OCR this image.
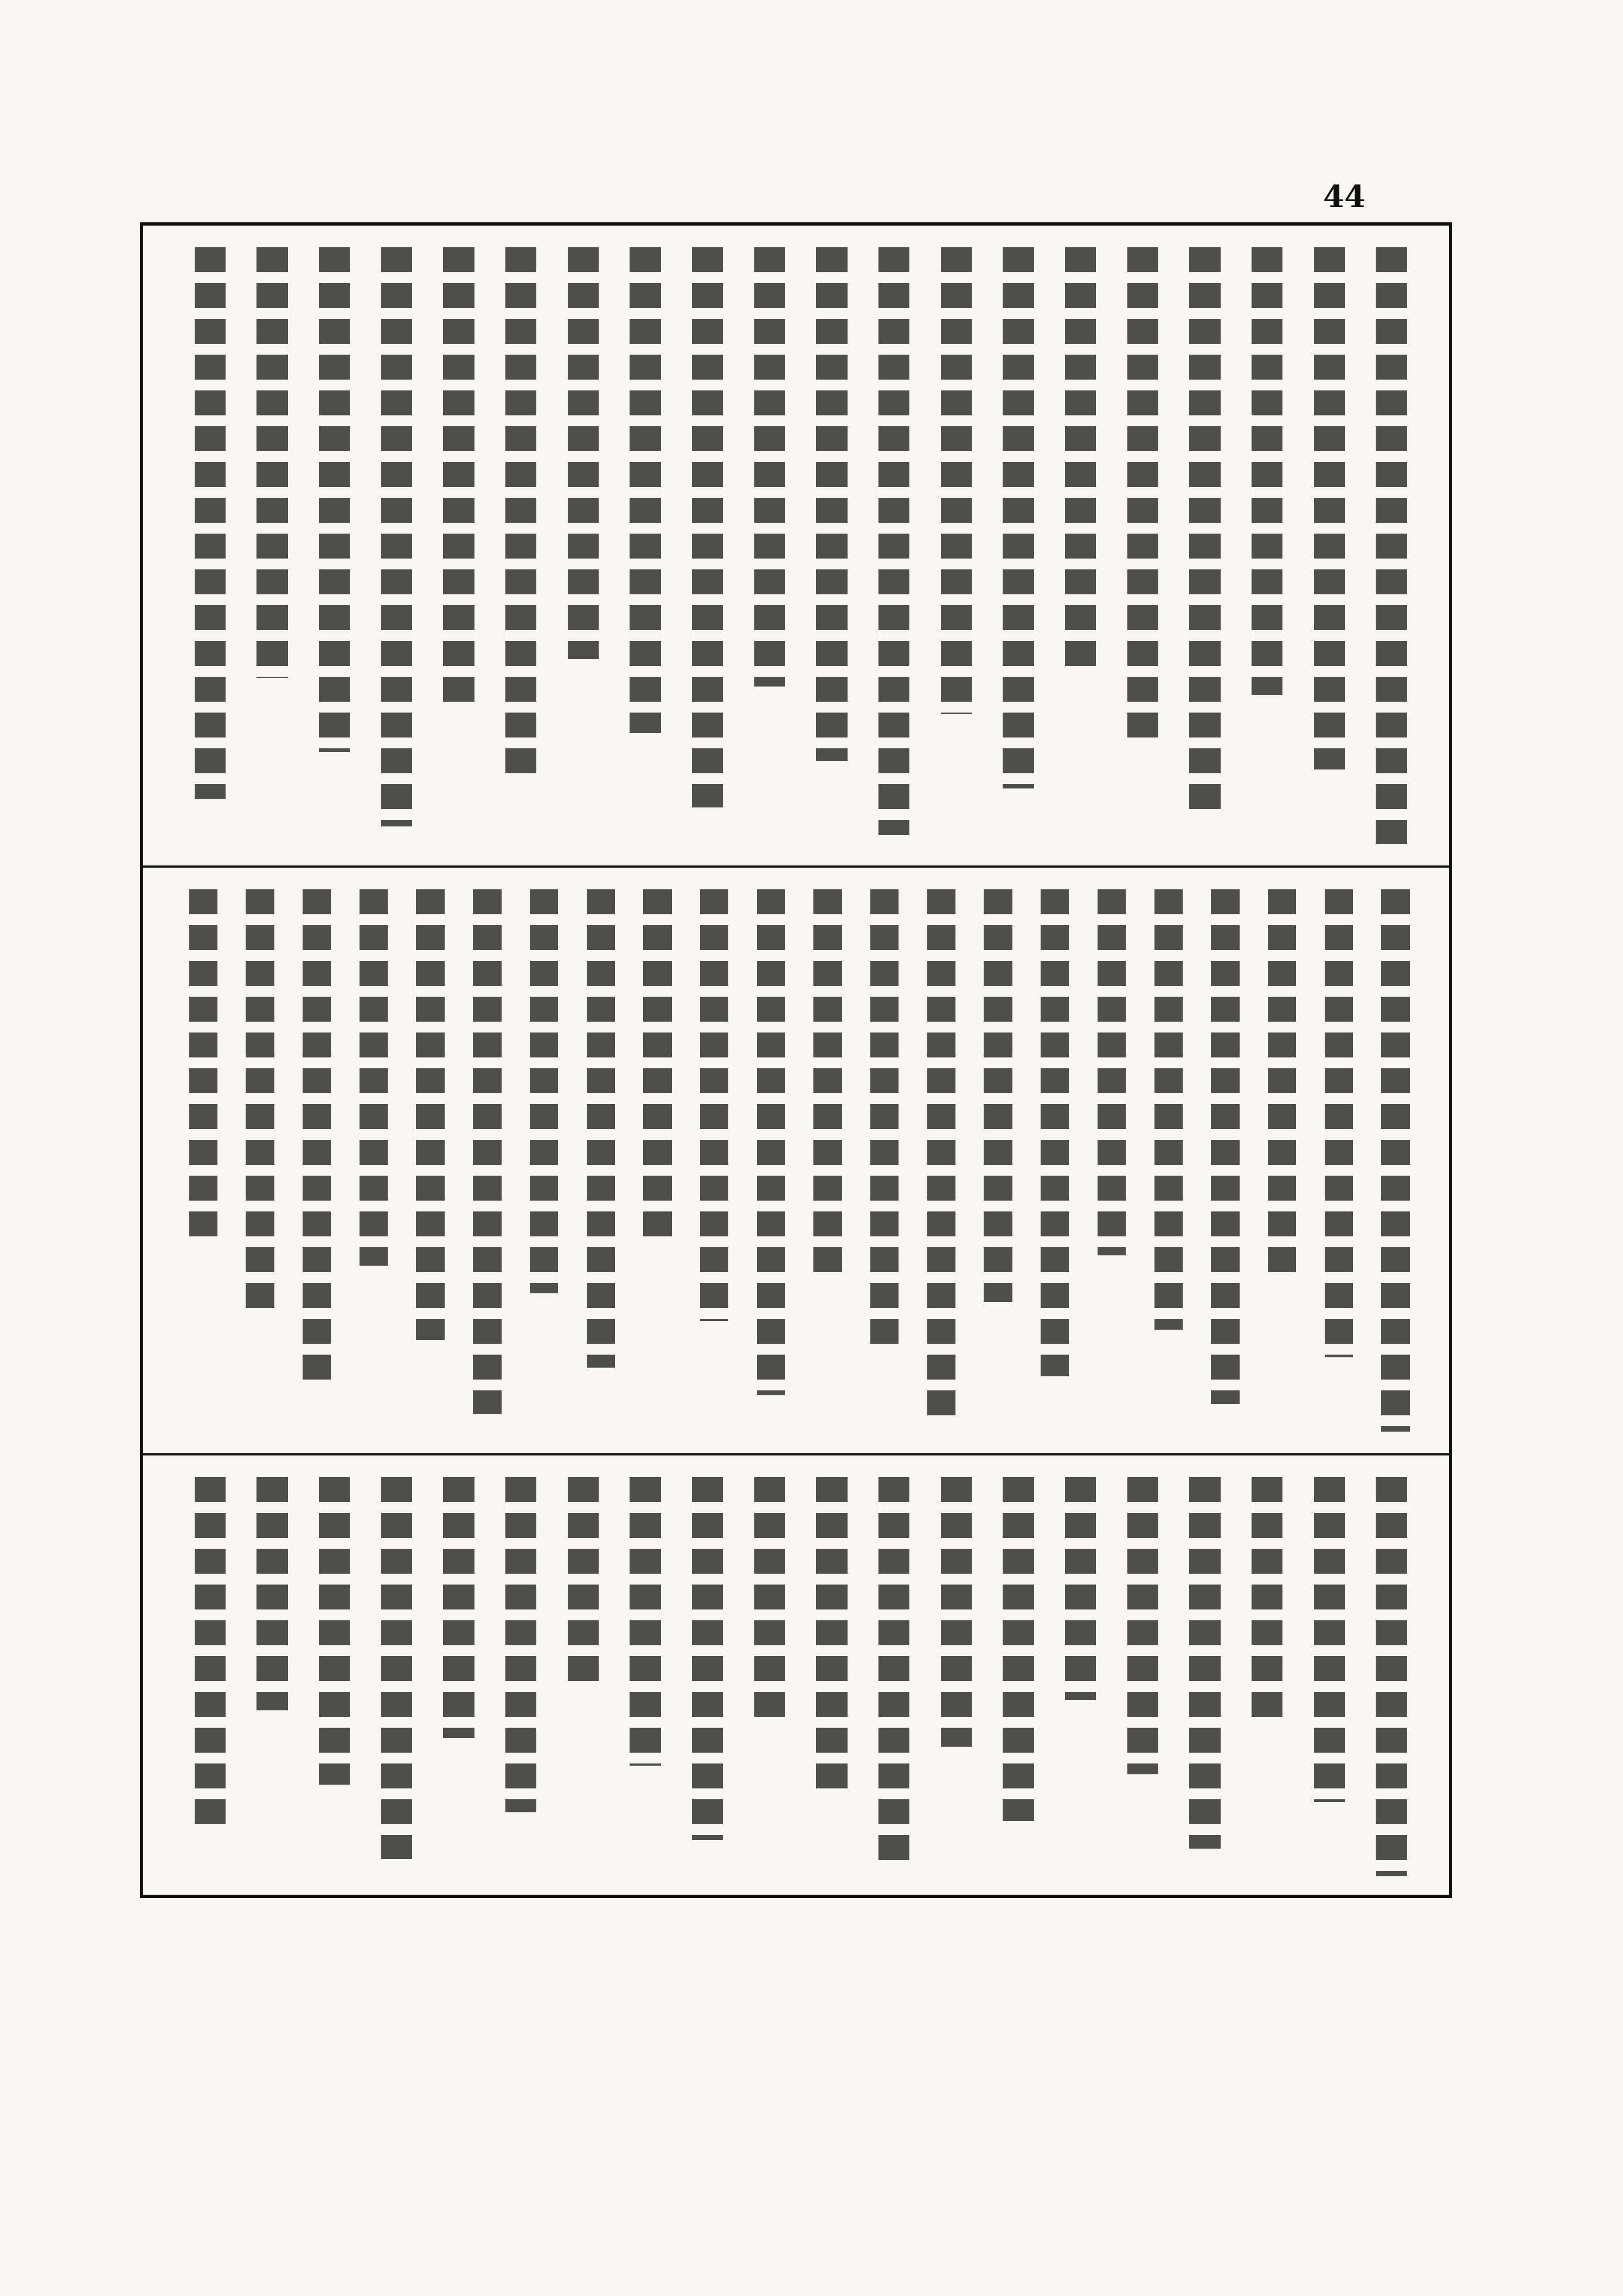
44
